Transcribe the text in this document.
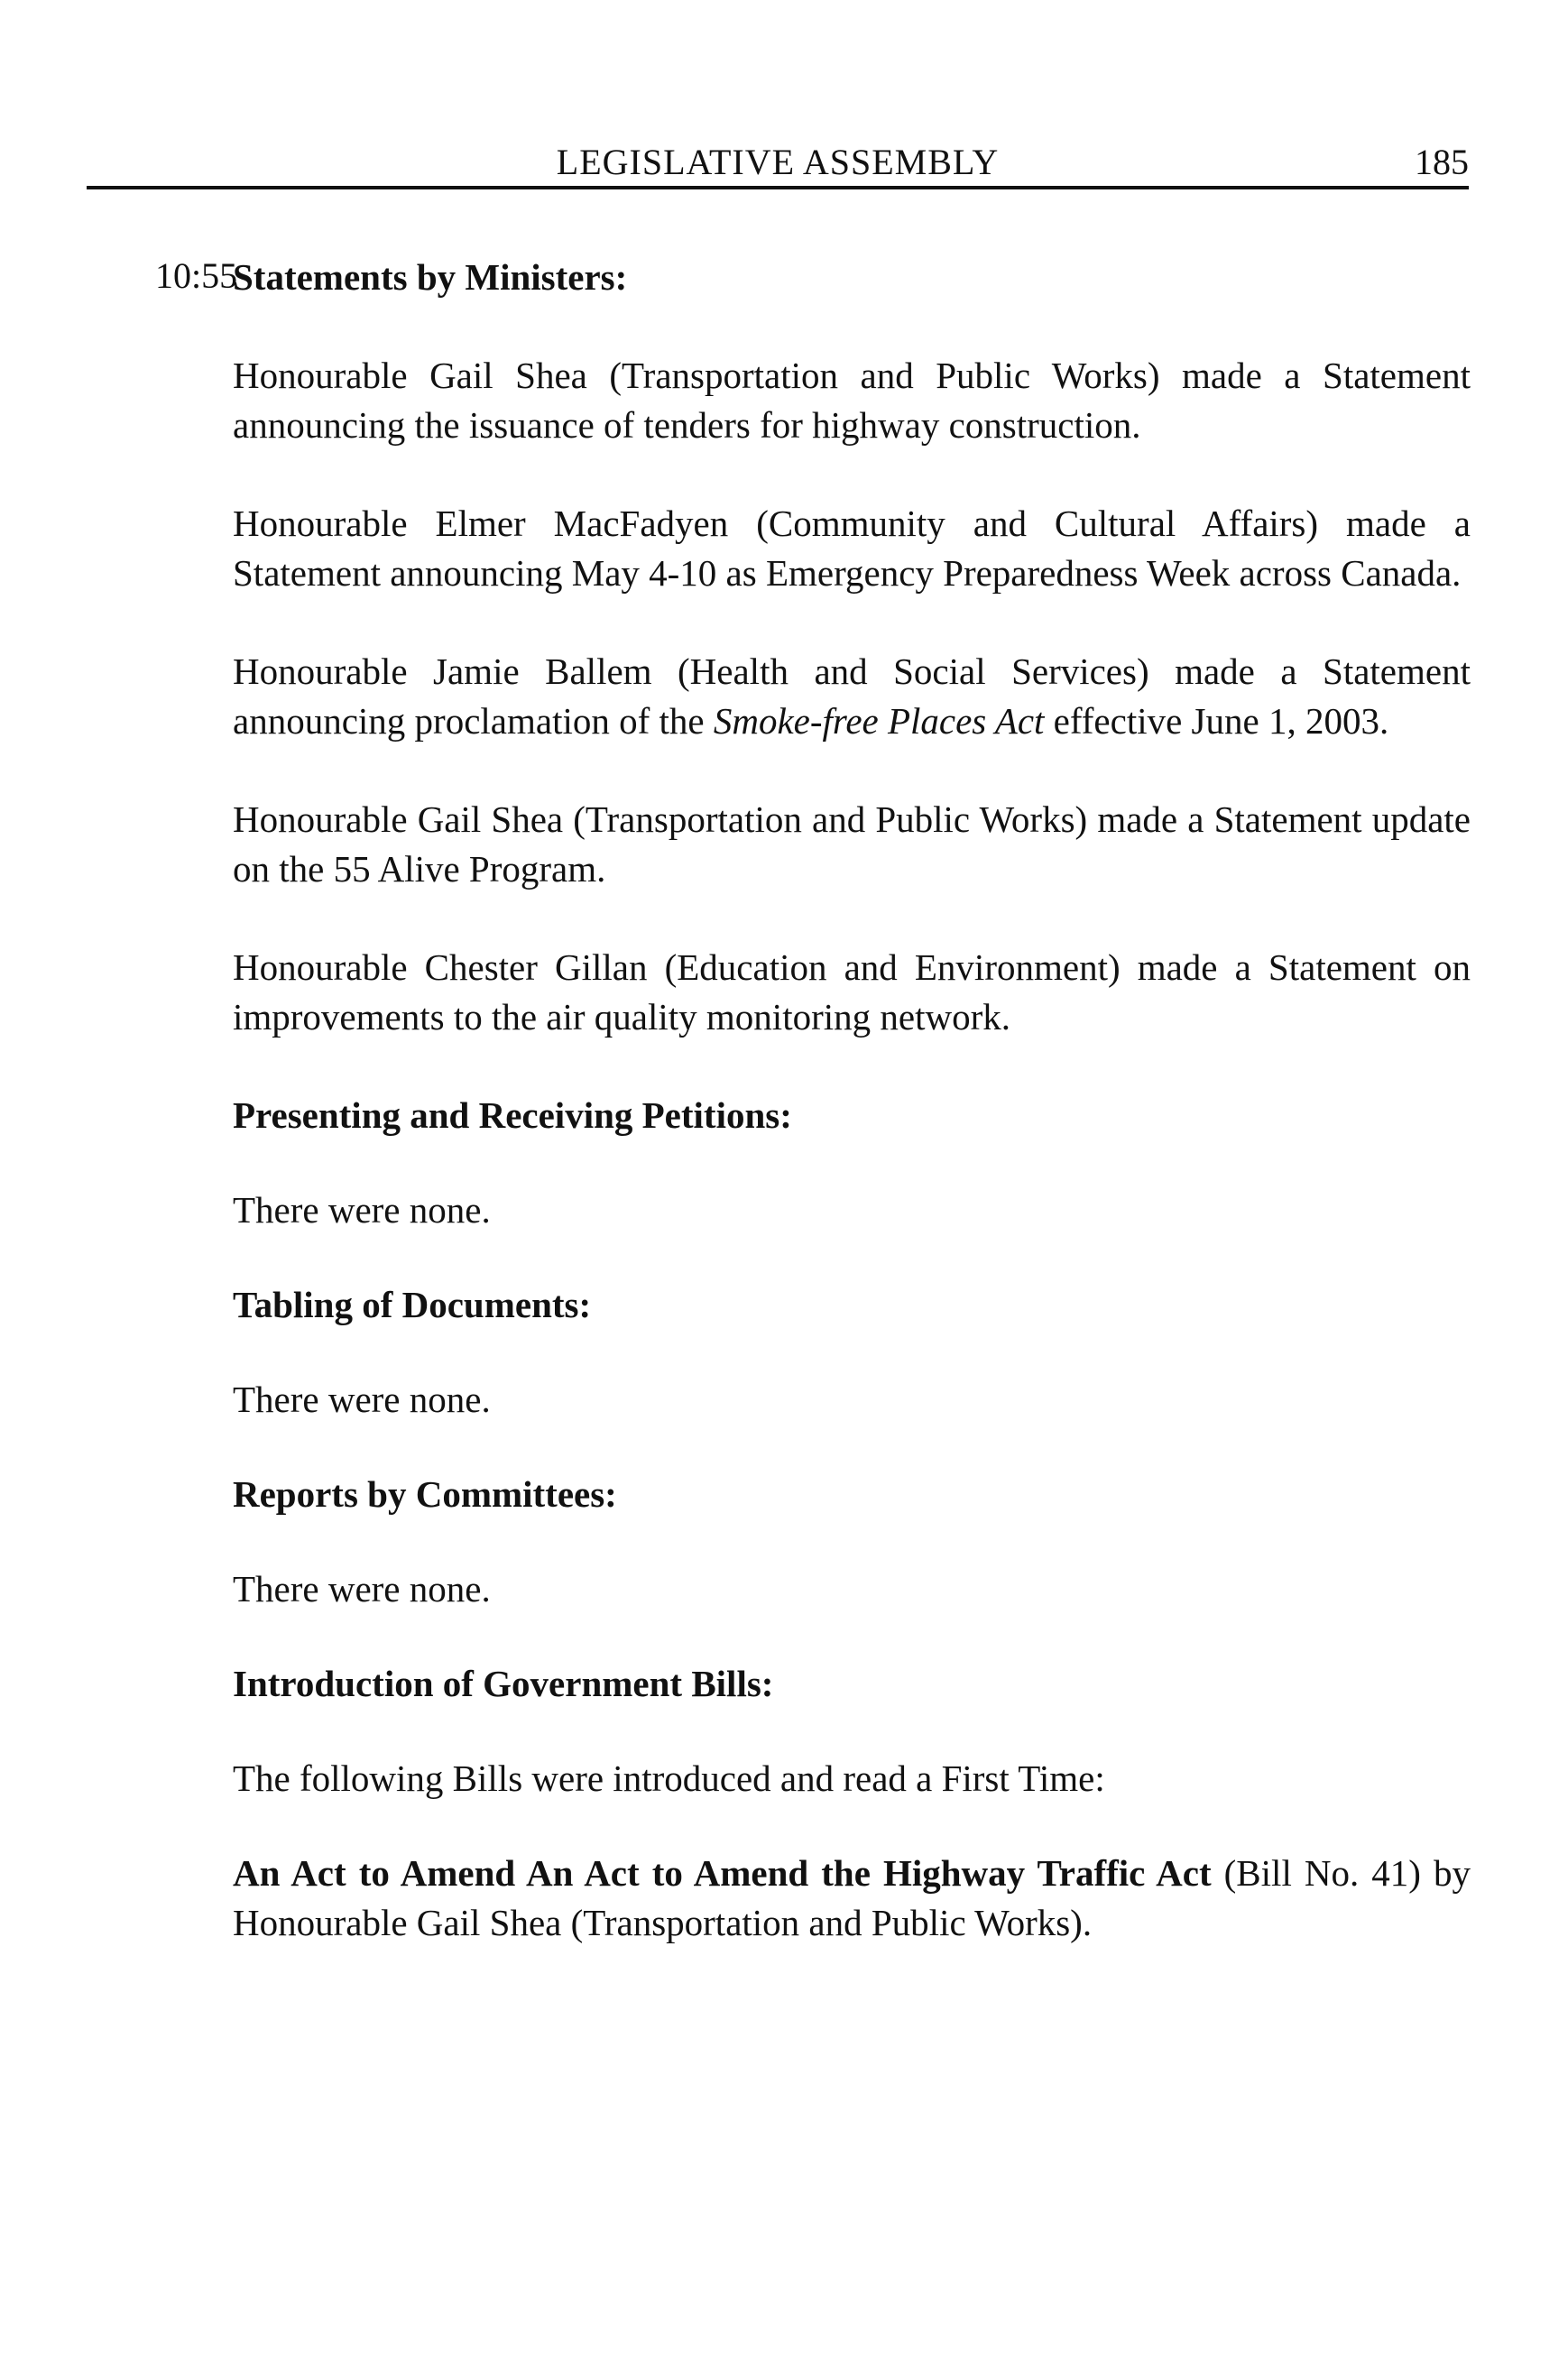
LEGISLATIVE ASSEMBLY	185
10:55

Statements by Ministers:

Honourable Gail Shea (Transportation and Public Works) made a Statement announcing the issuance of tenders for highway construction.

Honourable Elmer MacFadyen (Community and Cultural Affairs) made a Statement announcing May 4-10 as Emergency Preparedness Week across Canada.

Honourable Jamie Ballem (Health and Social Services) made a Statement announcing proclamation of the Smoke-free Places Act effective June 1, 2003.

Honourable Gail Shea (Transportation and Public Works) made a Statement update on the 55 Alive Program.

Honourable Chester Gillan (Education and Environment) made a Statement on improvements to the air quality monitoring network.

Presenting and Receiving Petitions:

There were none.

Tabling of Documents:

There were none.

Reports by Committees:

There were none.

Introduction of Government Bills:

The following Bills were introduced and read a First Time:

An Act to Amend An Act to Amend the Highway Traffic Act (Bill No. 41) by Honourable Gail Shea (Transportation and Public Works).
